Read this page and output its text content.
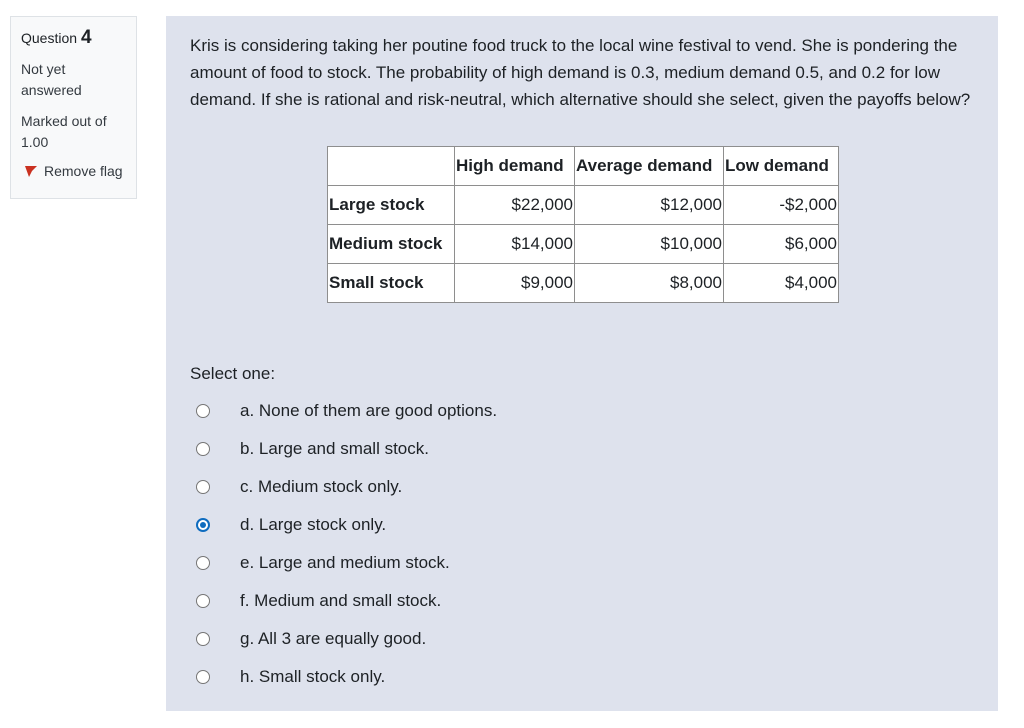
Question 4
Not yet
answered
Marked out of
1.00
Remove flag
Kris is considering taking her poutine food truck to the local wine festival to vend. She is pondering the amount of food to stock. The probability of high demand is 0.3, medium demand 0.5, and 0.2 for low demand. If she is rational and risk-neutral, which alternative should she select, given the payoffs below?
	High demand	Average demand	Low demand
Large stock	$22,000	$12,000	-$2,000
Medium stock	$14,000	$10,000	$6,000
Small stock	$9,000	$8,000	$4,000
Select one:
a. None of them are good options.
b. Large and small stock.
c. Medium stock only.
d. Large stock only.
e. Large and medium stock.
f. Medium and small stock.
g. All 3 are equally good.
h. Small stock only.
